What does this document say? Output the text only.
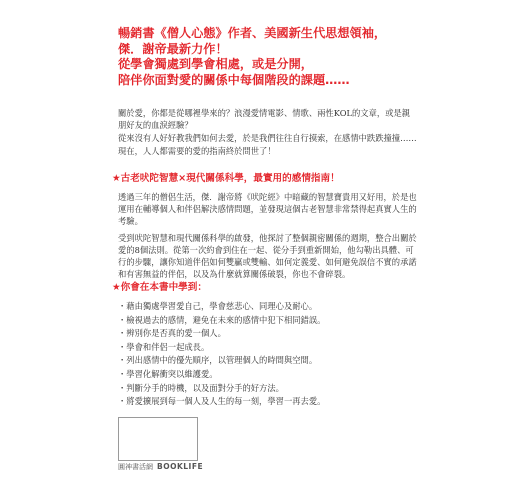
暢銷書《僧人心態》作者、美國新生代思想領袖，
傑．謝帝最新力作！
從學會獨處到學會相處，或是分開，
陪伴你面對愛的關係中每個階段的課題……

關於愛，你都是從哪裡學來的？浪漫愛情電影、情歌、兩性KOL的文章，或是親朋好友的血淚經驗？

從來沒有人好好教我們如何去愛，於是我們往往自行摸索，在感情中跌跌撞撞……現在，人人都需要的愛的指南終於問世了！

★古老吠陀智慧×現代關係科學，最實用的感情指南！

透過三年的僧侶生活，傑．謝帝將《吠陀經》中暗藏的智慧寶貴用又好用，於是也運用在輔導個人和伴侶解決感情問題，並發現這個古老智慧非常禁得起真實人生的考驗。

受到吠陀智慧和現代關係科學的啟發，他探討了整個親密關係的週期，整合出關於愛的8個法則。從第一次約會到住在一起、從分手到重新開始，他勾勒出具體、可行的步驟，讓你知道伴侶如何雙贏或雙輸、如何定義愛、如何避免誤信不實的承諾和有害無益的伴侶，以及為什麼就算關係破裂，你也不會碎裂。

★你會在本書中學到：
・藉由獨處學習愛自己，學會慈悲心、同理心及耐心。
・檢視過去的感情，避免在未來的感情中犯下相同錯誤。
・辨別你是否真的愛一個人。
・學會和伴侶一起成長。
・列出感情中的優先順序，以管理個人的時間與空間。
・學習化解衝突以維護愛。
・判斷分手的時機，以及面對分手的好方法。
・將愛擴展到每一個人及人生的每一刻，學習一再去愛。
圓神書活網 BOOKLIFE
